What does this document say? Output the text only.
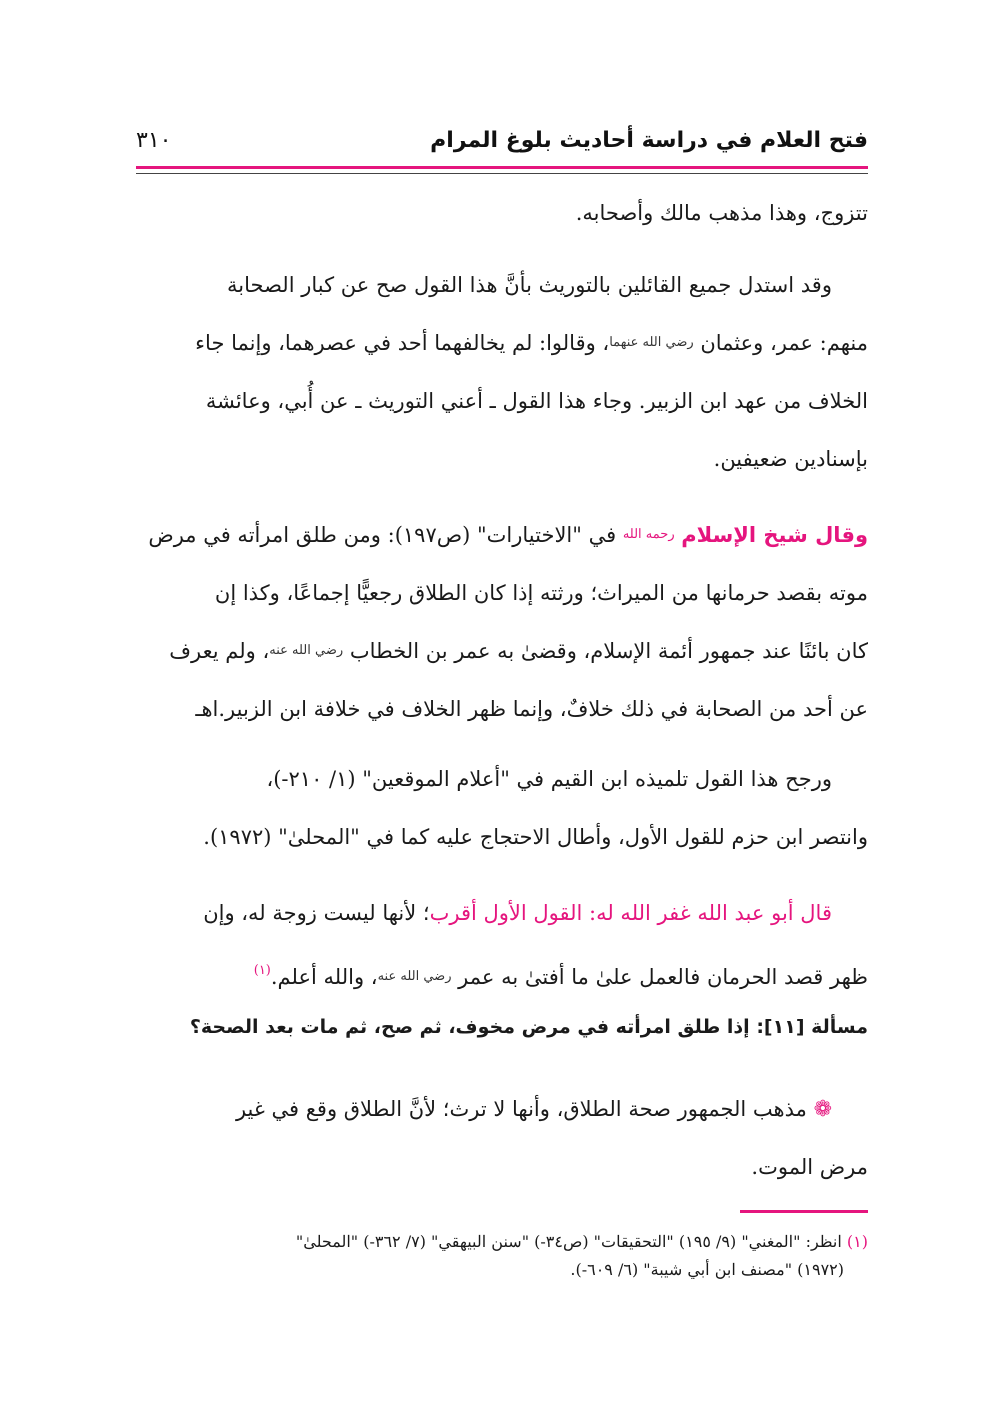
فتح العلام في دراسة أحاديث بلوغ المرام
٣١٠

تتزوج، وهذا مذهب مالك وأصحابه.

وقد استدل جميع القائلين بالتوريث بأنَّ هذا القول صح عن كبار الصحابة
منهم: عمر، وعثمان رضي الله عنهما، وقالوا: لم يخالفهما أحد في عصرهما، وإنما جاء
الخلاف من عهد ابن الزبير. وجاء هذا القول ـ أعني التوريث ـ عن أُبي، وعائشة
بإسنادين ضعيفين.

وقال شيخ الإسلام رحمه الله في "الاختيارات" (ص١٩٧): ومن طلق امرأته في مرض
موته بقصد حرمانها من الميراث؛ ورثته إذا كان الطلاق رجعيًّا إجماعًا، وكذا إن
كان بائنًا عند جمهور أئمة الإسلام، وقضىٰ به عمر بن الخطاب رضي الله عنه، ولم يعرف
عن أحد من الصحابة في ذلك خلافٌ، وإنما ظهر الخلاف في خلافة ابن الزبير.اهـ

ورجح هذا القول تلميذه ابن القيم في "أعلام الموقعين" (١/ ٢١٠-)،
وانتصر ابن حزم للقول الأول، وأطال الاحتجاج عليه كما في "المحلیٰ" (١٩٧٢).

قال أبو عبد الله غفر الله له: القول الأول أقرب؛ لأنها ليست زوجة له، وإن
ظهر قصد الحرمان فالعمل علىٰ ما أفتىٰ به عمر رضي الله عنه، والله أعلم.$^{(١)}$

مسألة [١١]: إذا طلق امرأته في مرض مخوف، ثم صح، ثم مات بعد الصحة؟

❁ مذهب الجمهور صحة الطلاق، وأنها لا ترث؛ لأنَّ الطلاق وقع في غير
مرض الموت.

(١) انظر: "المغني" (٩/ ١٩٥) "التحقيقات" (ص٣٤-) "سنن البيهقي" (٧/ ٣٦٢-) "المحلیٰ"
(١٩٧٢) "مصنف ابن أبي شيبة" (٦/ ٦٠٩-).
